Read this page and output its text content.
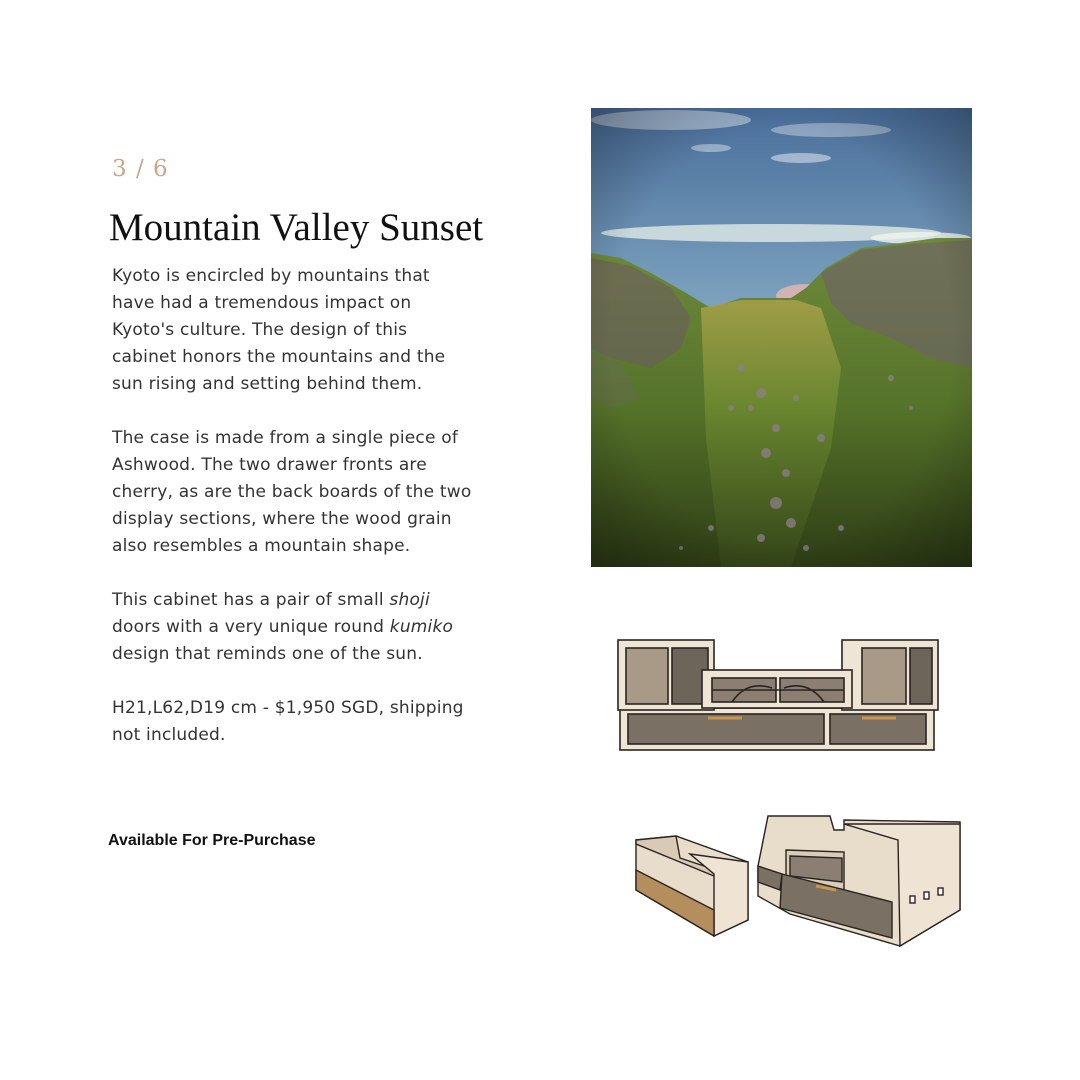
3 / 6
Mountain Valley Sunset

Kyoto is encircled by mountains that have had a tremendous impact on Kyoto's culture. The design of this cabinet honors the mountains and the sun rising and setting behind them.

The case is made from a single piece of Ashwood. The two drawer fronts are cherry, as are the back boards of the two display sections, where the wood grain also resembles a mountain shape.

This cabinet has a pair of small shoji doors with a very unique round kumiko design that reminds one of the sun.

H21,L62,D19 cm - $1,950 SGD, shipping not included.

Available For Pre-Purchase
